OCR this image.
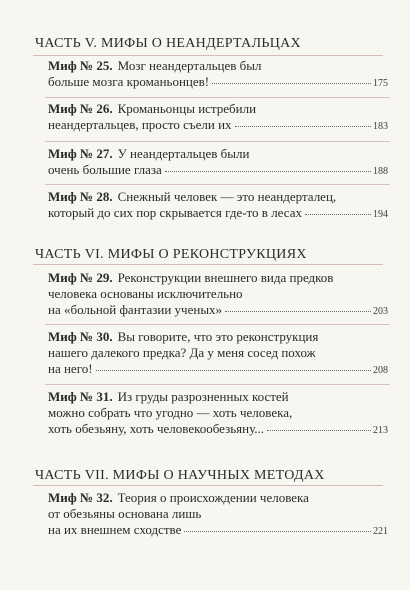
ЧАСТЬ V. МИФЫ О НЕАНДЕРТАЛЬЦАХ
Миф № 25. Мозг неандертальцев был
больше мозга кроманьонцев!	175
Миф № 26. Кроманьонцы истребили
неандертальцев, просто съели их	183
Миф № 27. У неандертальцев были
очень большие глаза	188
Миф № 28. Снежный человек — это неандерталец,
который до сих пор скрывается где-то в лесах	194
ЧАСТЬ VI. МИФЫ О РЕКОНСТРУКЦИЯХ
Миф № 29. Реконструкции внешнего вида предков
человека основаны исключительно
на «больной фантазии ученых»	203
Миф № 30. Вы говорите, что это реконструкция
нашего далекого предка? Да у меня сосед похож
на него!	208
Миф № 31. Из груды разрозненных костей
можно собрать что угодно — хоть человека,
хоть обезьяну, хоть человекообезьяну...	213
ЧАСТЬ VII. МИФЫ О НАУЧНЫХ МЕТОДАХ
Миф № 32. Теория о происхождении человека
от обезьяны основана лишь
на их внешнем сходстве	221
